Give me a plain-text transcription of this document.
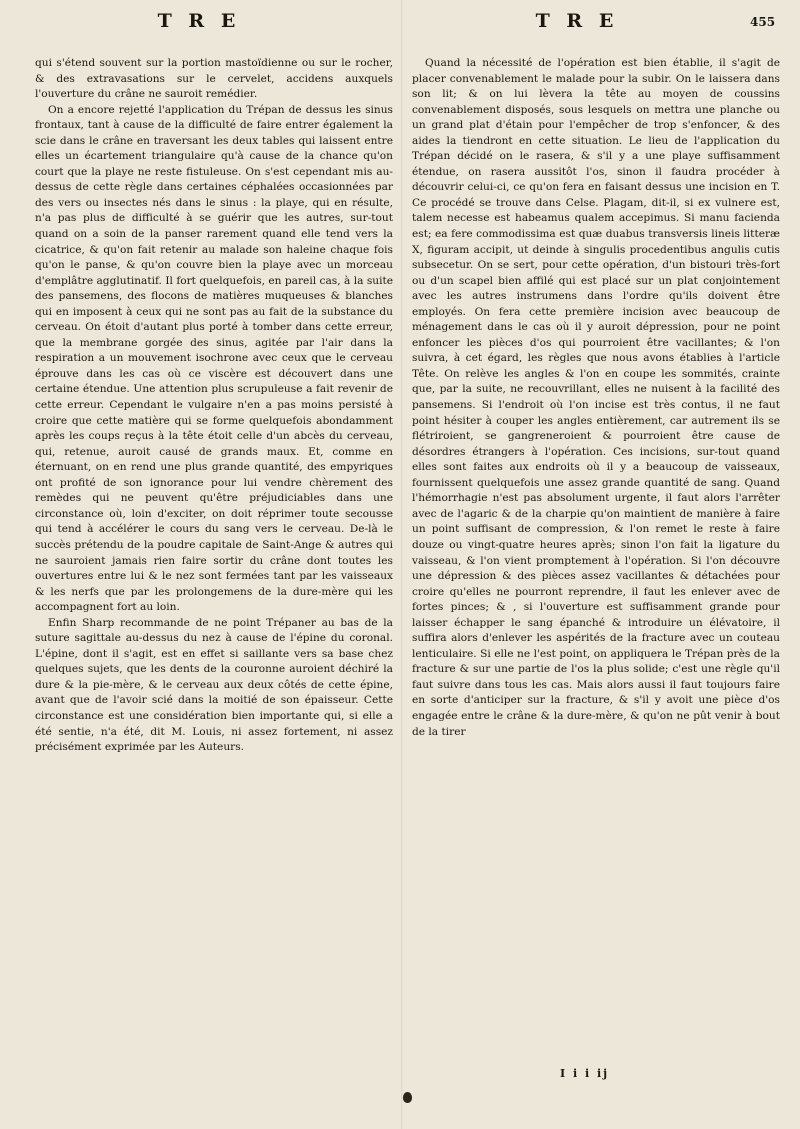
T R E	T R E	455

qui s'étend souvent sur la portion mastoïdienne ou sur le rocher, & des extravasations sur le cervelet, accidens auxquels l'ouverture du crâne ne sauroit remédier.

On a encore rejetté l'application du Trépan de dessus les sinus frontaux, tant à cause de la difficulté de faire entrer également la scie dans le crâne en traversant les deux tables qui laissent entre elles un écartement triangulaire qu'à cause de la chance qu'on court que la playe ne reste fistuleuse. On s'est cependant mis au-dessus de cette règle dans certaines céphalées occasionnées par des vers ou insectes nés dans le sinus : la playe, qui en résulte, n'a pas plus de difficulté à se guérir que les autres, sur-tout quand on a soin de la panser rarement quand elle tend vers la cicatrice, & qu'on fait retenir au malade son haleine chaque fois qu'on le panse, & qu'on couvre bien la playe avec un morceau d'emplâtre agglutinatif. Il fort quelquefois, en pareil cas, à la suite des pansemens, des flocons de matières muqueuses & blanches qui en imposent à ceux qui ne sont pas au fait de la substance du cerveau. On étoit d'autant plus porté à tomber dans cette erreur, que la membrane gorgée des sinus, agitée par l'air dans la respiration a un mouvement isochrone avec ceux que le cerveau éprouve dans les cas où ce viscère est découvert dans une certaine étendue. Une attention plus scrupuleuse a fait revenir de cette erreur. Cependant le vulgaire n'en a pas moins persisté à croire que cette matière qui se forme quelquefois abondamment après les coups reçus à la tête étoit celle d'un abcès du cerveau, qui, retenue, auroit causé de grands maux. Et, comme en éternuant, on en rend une plus grande quantité, des empyriques ont profité de son ignorance pour lui vendre chèrement des remèdes qui ne peuvent qu'être préjudiciables dans une circonstance où, loin d'exciter, on doit réprimer toute secousse qui tend à accélérer le cours du sang vers le cerveau. De-là le succès prétendu de la poudre capitale de Saint-Ange & autres qui ne sauroient jamais rien faire sortir du crâne dont toutes les ouvertures entre lui & le nez sont fermées tant par les vaisseaux & les nerfs que par les prolongemens de la dure-mère qui les accompagnent fort au loin.

Enfin Sharp recommande de ne point Trépaner au bas de la suture sagittale au-dessus du nez à cause de l'épine du coronal. L'épine, dont il s'agit, est en effet si saillante vers sa base chez quelques sujets, que les dents de la couronne auroient déchiré la dure & la pie-mère, & le cerveau aux deux côtés de cette épine, avant que de l'avoir scié dans la moitié de son épaisseur. Cette circonstance est une considération bien importante qui, si elle a été sentie, n'a été, dit M. Louis, ni assez fortement, ni assez précisément exprimée par les Auteurs.

Quand la nécessité de l'opération est bien établie, il s'agit de placer convenablement le malade pour la subir. On le laissera dans son lit; & on lui lèvera la tête au moyen de coussins convenablement disposés, sous lesquels on mettra une planche ou un grand plat d'étain pour l'empêcher de trop s'enfoncer, & des aides la tiendront en cette situation. Le lieu de l'application du Trépan décidé on le rasera, & s'il y a une playe suffisamment étendue, on rasera aussitôt l'os, sinon il faudra procéder à découvrir celui-ci, ce qu'on fera en faisant dessus une incision en T. Ce procédé se trouve dans Celse. Plagam, dit-il, si ex vulnere est, talem necesse est habeamus qualem accepimus. Si manu facienda est; ea fere commodissima est quæ duabus transversis lineis litteræ X, figuram accipit, ut deinde à singulis procedentibus angulis cutis subsecetur. On se sert, pour cette opération, d'un bistouri très-fort ou d'un scapel bien affilé qui est placé sur un plat conjointement avec les autres instrumens dans l'ordre qu'ils doivent être employés. On fera cette première incision avec beaucoup de ménagement dans le cas où il y auroit dépression, pour ne point enfoncer les pièces d'os qui pourroient être vacillantes; & l'on suivra, à cet égard, les règles que nous avons établies à l'article Tête. On relève les angles & l'on en coupe les sommités, crainte que, par la suite, ne recouvrillant, elles ne nuisent à la facilité des pansemens. Si l'endroit où l'on incise est très contus, il ne faut point hésiter à couper les angles entièrement, car autrement ils se flétriroient, se gangreneroient & pourroient être cause de désordres étrangers à l'opération. Ces incisions, sur-tout quand elles sont faites aux endroits où il y a beaucoup de vaisseaux, fournissent quelquefois une assez grande quantité de sang. Quand l'hémorrhagie n'est pas absolument urgente, il faut alors l'arrêter avec de l'agaric & de la charpie qu'on maintient de manière à faire un point suffisant de compression, & l'on remet le reste à faire douze ou vingt-quatre heures après; sinon l'on fait la ligature du vaisseau, & l'on vient promptement à l'opération. Si l'on découvre une dépression & des pièces assez vacillantes & détachées pour croire qu'elles ne pourront reprendre, il faut les enlever avec de fortes pinces; & , si l'ouverture est suffisamment grande pour laisser échapper le sang épanché & introduire un élévatoire, il suffira alors d'enlever les aspérités de la fracture avec un couteau lenticulaire. Si elle ne l'est point, on appliquera le Trépan près de la fracture & sur une partie de l'os la plus solide; c'est une règle qu'il faut suivre dans tous les cas. Mais alors aussi il faut toujours faire en sorte d'anticiper sur la fracture, & s'il y avoit une pièce d'os engagée entre le crâne & la dure-mère, & qu'on ne pût venir à bout de la tirer

I i i ij
